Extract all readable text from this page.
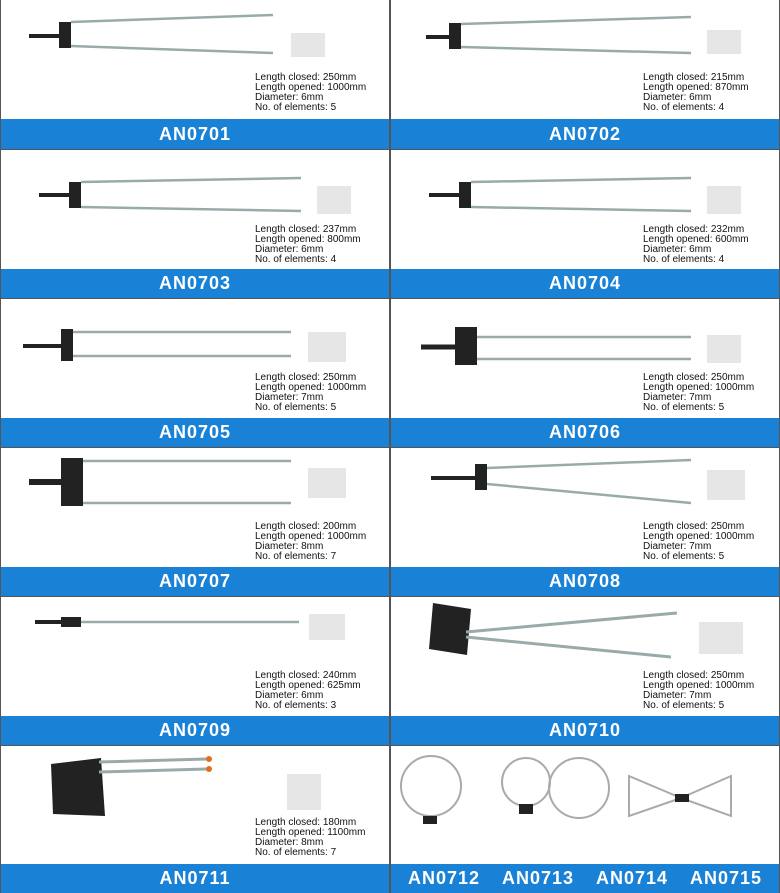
Length closed: 250mm
Length opened: 1000mm
Diameter: 6mm
No. of elements: 5
AN0701
Length closed: 215mm
Length opened: 870mm
Diameter: 6mm
No. of elements: 4
AN0702
Length closed: 237mm
Length opened: 800mm
Diameter: 6mm
No. of elements: 4
AN0703
Length closed: 232mm
Length opened: 600mm
Diameter: 6mm
No. of elements: 4
AN0704
Length closed: 250mm
Length opened: 1000mm
Diameter: 7mm
No. of elements: 5
AN0705
Length closed: 250mm
Length opened: 1000mm
Diameter: 7mm
No. of elements: 5
AN0706
Length closed: 200mm
Length opened: 1000mm
Diameter: 8mm
No. of elements: 7
AN0707
Length closed: 250mm
Length opened: 1000mm
Diameter: 7mm
No. of elements: 5
AN0708
Length closed: 240mm
Length opened: 625mm
Diameter: 6mm
No. of elements: 3
AN0709
Length closed: 250mm
Length opened: 1000mm
Diameter: 7mm
No. of elements: 5
AN0710
Length closed: 180mm
Length opened: 1100mm
Diameter: 8mm
No. of elements: 7
AN0711	AN0712 AN0713 AN0714 AN0715
